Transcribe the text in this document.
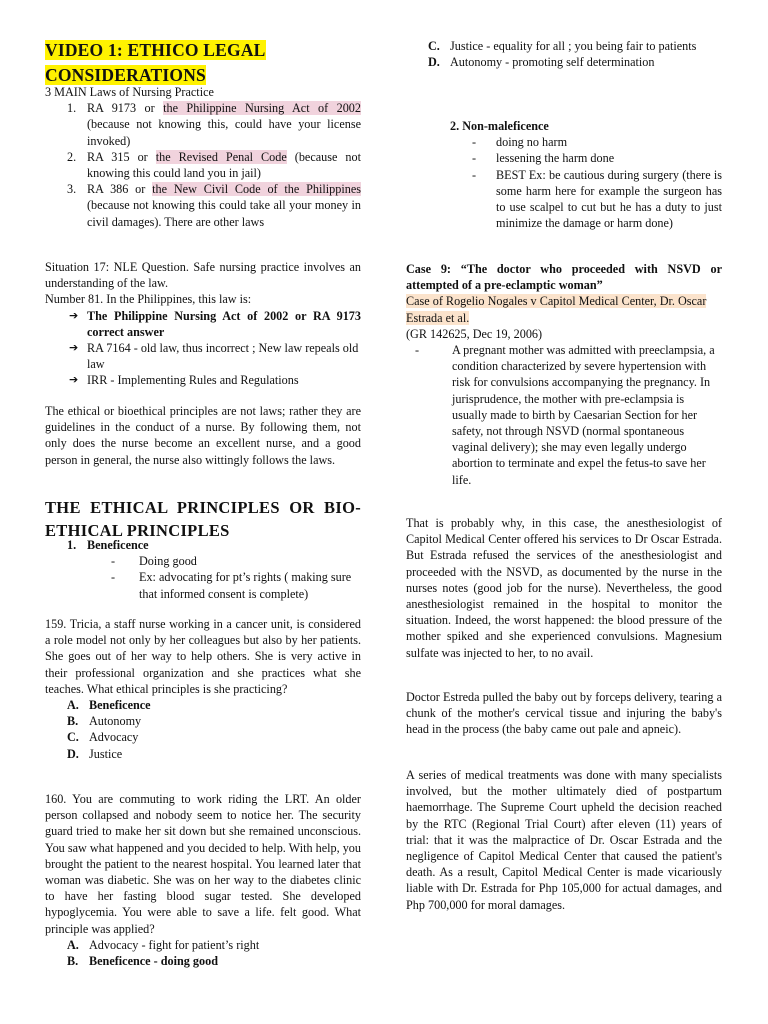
VIDEO 1: ETHICO LEGAL
CONSIDERATIONS
3 MAIN Laws of Nursing Practice
1. RA 9173 or the Philippine Nursing Act of 2002 (because not knowing this, could have your license invoked)
2. RA 315 or the Revised Penal Code (because not knowing this could land you in jail)
3. RA 386 or the New Civil Code of the Philippines (because not knowing this could take all your money in civil damages). There are other laws
Situation 17: NLE Question. Safe nursing practice involves an understanding of the law.
Number 81. In the Philippines, this law is:
➔ The Philippine Nursing Act of 2002 or RA 9173 correct answer
➔ RA 7164 - old law, thus incorrect ; New law repeals old law
➔ IRR - Implementing Rules and Regulations
The ethical or bioethical principles are not laws; rather they are guidelines in the conduct of a nurse. By following them, not only does the nurse become an excellent nurse, and a good person in general, the nurse also wittingly follows the laws.
THE ETHICAL PRINCIPLES OR BIO-ETHICAL PRINCIPLES
1. Beneficence
-	Doing good
-	Ex: advocating for pt’s rights ( making sure that informed consent is complete)
159. Tricia, a staff nurse working in a cancer unit, is considered a role model not only by her colleagues but also by her patients. She goes out of her way to help others. She is very active in their professional organization and she practices what she teaches. What ethical principles is she practicing?
A. Beneficence
B. Autonomy
C. Advocacy
D. Justice
160. You are commuting to work riding the LRT. An older person collapsed and nobody seem to notice her. The security guard tried to make her sit down but she remained unconscious. You saw what happened and you decided to help. With help, you brought the patient to the nearest hospital. You learned later that woman was diabetic. She was on her way to the diabetes clinic to have her fasting blood sugar tested. She developed hypoglycemia. You were able to save a life. felt good. What principle was applied?
A. Advocacy - fight for patient’s right
B. Beneficence - doing good
C. Justice - equality for all ; you being fair to patients
D. Autonomy - promoting self determination
2. Non-maleficence
-	doing no harm
-	lessening the harm done
-	BEST Ex: be cautious during surgery (there is some harm here for example the surgeon has to use scalpel to cut but he has a duty to just minimize the damage or harm done)
Case 9: “The doctor who proceeded with NSVD or attempted of a pre-eclamptic woman”
Case of Rogelio Nogales v Capitol Medical Center, Dr. Oscar Estrada et al.
(GR 142625, Dec 19, 2006)
-	A pregnant mother was admitted with preeclampsia, a condition characterized by severe hypertension with risk for convulsions accompanying the pregnancy. In jurisprudence, the mother with pre-eclampsia is usually made to birth by Caesarian Section for her safety, not through NSVD (normal spontaneous vaginal delivery); she may even legally undergo abortion to terminate and expel the fetus-to save her life.
That is probably why, in this case, the anesthesiologist of Capitol Medical Center offered his services to Dr Oscar Estrada. But Estrada refused the services of the anesthesiologist and proceeded with the NSVD, as documented by the nurse in the nurses notes (good job for the nurse). Nevertheless, the good anesthesiologist remained in the hospital to monitor the situation. Indeed, the worst happened: the blood pressure of the mother spiked and she experienced convulsions. Magnesium sulfate was injected to her, to no avail.
Doctor Estreda pulled the baby out by forceps delivery, tearing a chunk of the mother's cervical tissue and injuring the baby's head in the process (the baby came out pale and apneic).
A series of medical treatments was done with many specialists involved, but the mother ultimately died of postpartum haemorrhage. The Supreme Court upheld the decision reached by the RTC (Regional Trial Court) after eleven (11) years of trial: that it was the malpractice of Dr. Oscar Estrada and the negligence of Capitol Medical Center that caused the patient's death. As a result, Capitol Medical Center is made vicariously liable with Dr. Estrada for Php 105,000 for actual damages, and Php 700,000 for moral damages.
